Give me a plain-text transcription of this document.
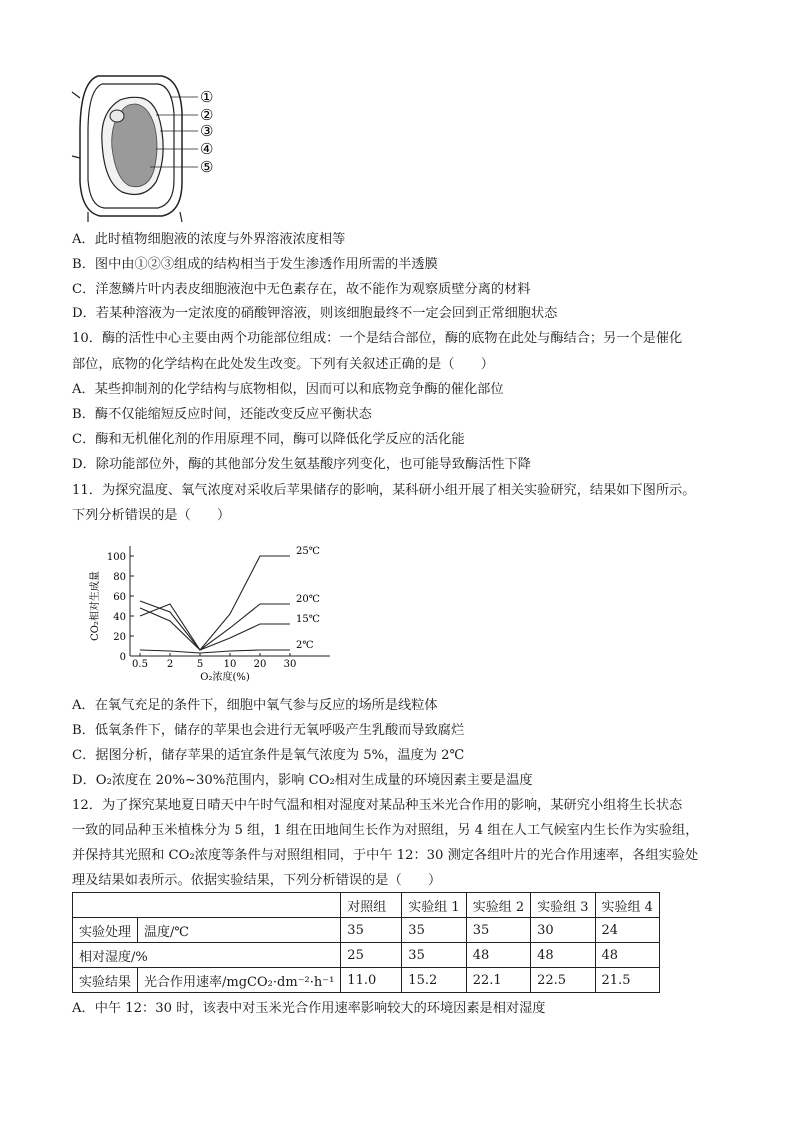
①
②
③
④
⑤
A．此时植物细胞液的浓度与外界溶液浓度相等
B．图中由①②③组成的结构相当于发生渗透作用所需的半透膜
C．洋葱鳞片叶内表皮细胞液泡中无色素存在，故不能作为观察质壁分离的材料
D．若某种溶液为一定浓度的硝酸钾溶液，则该细胞最终不一定会回到正常细胞状态
10．酶的活性中心主要由两个功能部位组成：一个是结合部位，酶的底物在此处与酶结合；另一个是催化
部位，底物的化学结构在此处发生改变。下列有关叙述正确的是（　　）
A．某些抑制剂的化学结构与底物相似，因而可以和底物竞争酶的催化部位
B．酶不仅能缩短反应时间，还能改变反应平衡状态
C．酶和无机催化剂的作用原理不同，酶可以降低化学反应的活化能
D．除功能部位外，酶的其他部分发生氨基酸序列变化，也可能导致酶活性下降
11．为探究温度、氧气浓度对采收后苹果储存的影响，某科研小组开展了相关实验研究，结果如下图所示。
下列分析错误的是（　　）
0
20
40
60
80
100
0.5 2 5 10 20 30
O₂浓度(%)
CO₂相对生成量
25℃
20℃
15℃
2℃
A．在氧气充足的条件下，细胞中氧气参与反应的场所是线粒体
B．低氧条件下，储存的苹果也会进行无氧呼吸产生乳酸而导致腐烂
C．据图分析，储存苹果的适宜条件是氧气浓度为 5%，温度为 2℃
D．O₂浓度在 20%~30%范围内，影响 CO₂相对生成量的环境因素主要是温度
12．为了探究某地夏日晴天中午时气温和相对湿度对某品种玉米光合作用的影响，某研究小组将生长状态
一致的同品种玉米植株分为 5 组，1 组在田地间生长作为对照组，另 4 组在人工气候室内生长作为实验组，
并保持其光照和 CO₂浓度等条件与对照组相同，于中午 12：30 测定各组叶片的光合作用速率，各组实验处
理及结果如表所示。依据实验结果，下列分析错误的是（　　）
		对照组	实验组 1	实验组 2	实验组 3	实验组 4
实验处理	温度/℃	35	35	35	30	24
相对湿度/%		25	35	48	48	48
实验结果	光合作用速率/mgCO₂·dm⁻²·h⁻¹	11.0	15.2	22.1	22.5	21.5
A．中午 12：30 时，该表中对玉米光合作用速率影响较大的环境因素是相对湿度
